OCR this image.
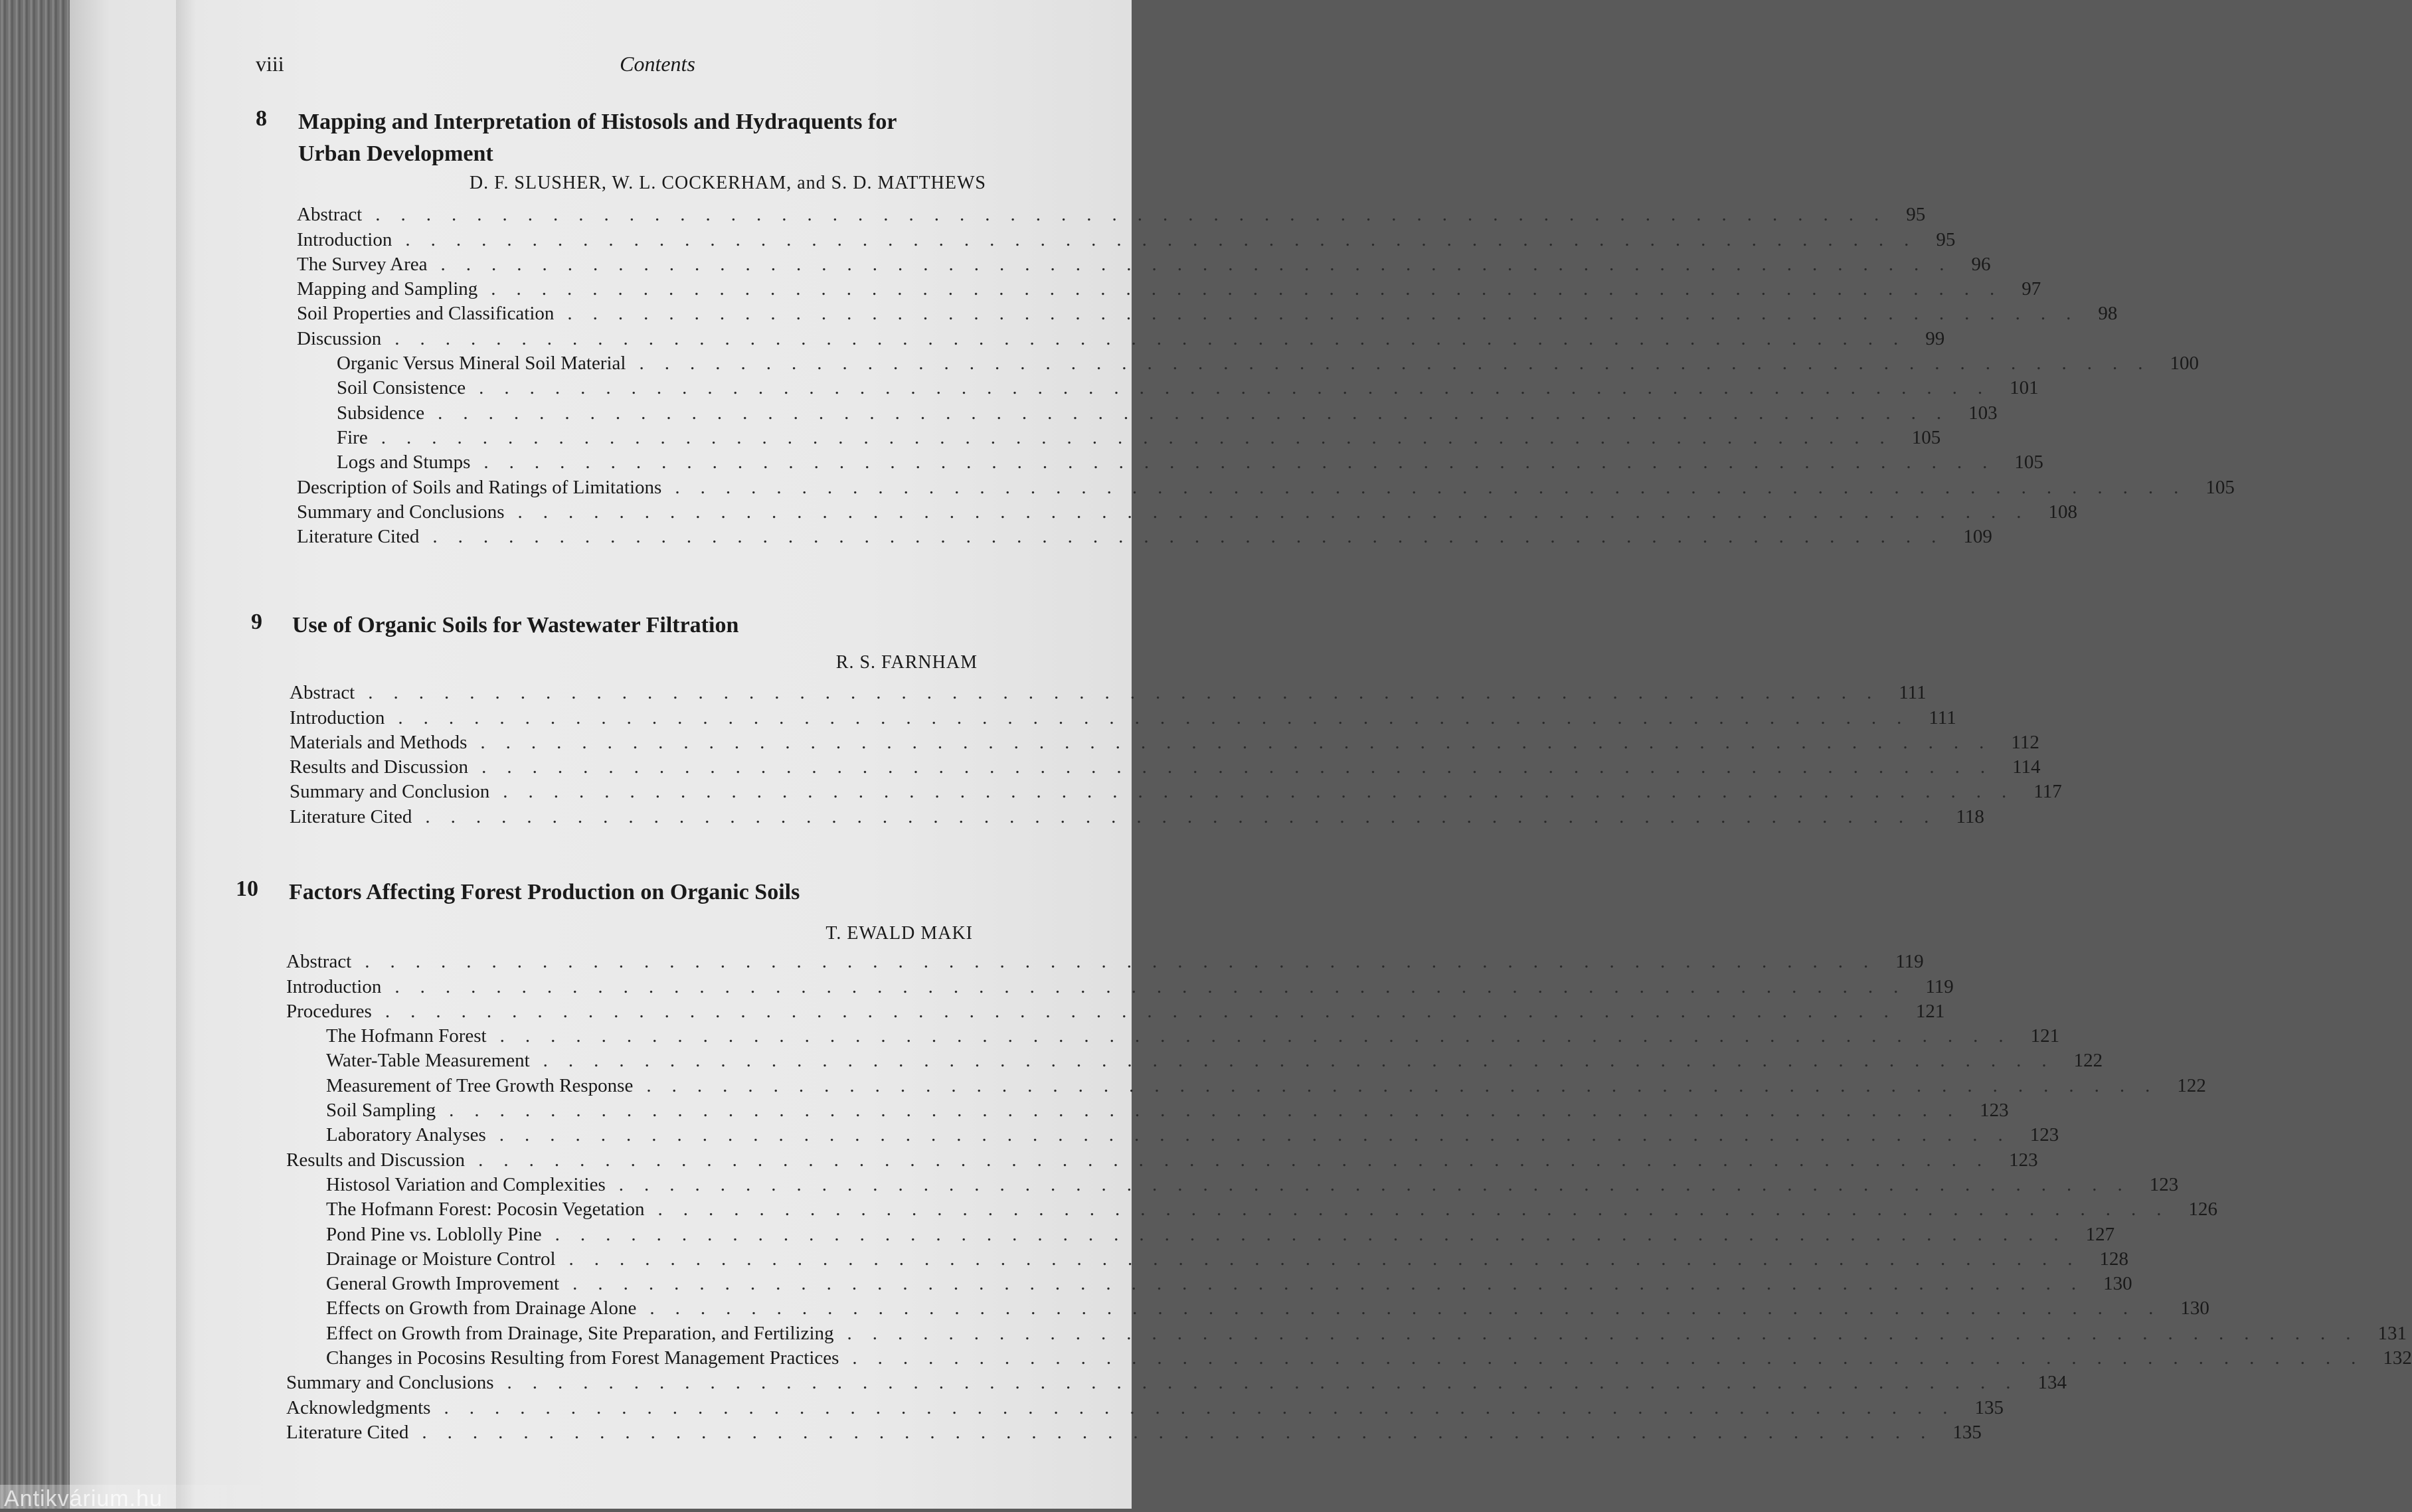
viii	Contents
8 Mapping and Interpretation of Histosols and Hydraquents for
Urban Development
D. F. SLUSHER, W. L. COCKERHAM, and S. D. MATTHEWS
Abstract ............................................................ 95
Introduction ............................................................ 95
The Survey Area ............................................................ 96
Mapping and Sampling ............................................................ 97
Soil Properties and Classification ............................................................ 98
Discussion ............................................................ 99
Organic Versus Mineral Soil Material ............................................................ 100
Soil Consistence ............................................................ 101
Subsidence ............................................................ 103
Fire ............................................................ 105
Logs and Stumps ............................................................ 105
Description of Soils and Ratings of Limitations ............................................................ 105
Summary and Conclusions ............................................................ 108
Literature Cited ............................................................ 109
9 Use of Organic Soils for Wastewater Filtration
R. S. FARNHAM
Abstract ............................................................ 111
Introduction ............................................................ 111
Materials and Methods ............................................................ 112
Results and Discussion ............................................................ 114
Summary and Conclusion ............................................................ 117
Literature Cited ............................................................ 118
10 Factors Affecting Forest Production on Organic Soils
T. EWALD MAKI
Abstract ............................................................ 119
Introduction ............................................................ 119
Procedures ............................................................ 121
The Hofmann Forest ............................................................ 121
Water-Table Measurement ............................................................ 122
Measurement of Tree Growth Response ............................................................ 122
Soil Sampling ............................................................ 123
Laboratory Analyses ............................................................ 123
Results and Discussion ............................................................ 123
Histosol Variation and Complexities ............................................................ 123
The Hofmann Forest: Pocosin Vegetation ............................................................ 126
Pond Pine vs. Loblolly Pine ............................................................ 127
Drainage or Moisture Control ............................................................ 128
General Growth Improvement ............................................................ 130
Effects on Growth from Drainage Alone ............................................................ 130
Effect on Growth from Drainage, Site Preparation, and Fertilizing ............................................................ 131
Changes in Pocosins Resulting from Forest Management Practices ............................................................ 132
Summary and Conclusions ............................................................ 134
Acknowledgments ............................................................ 135
Literature Cited ............................................................ 135
Antikvárium.hu
